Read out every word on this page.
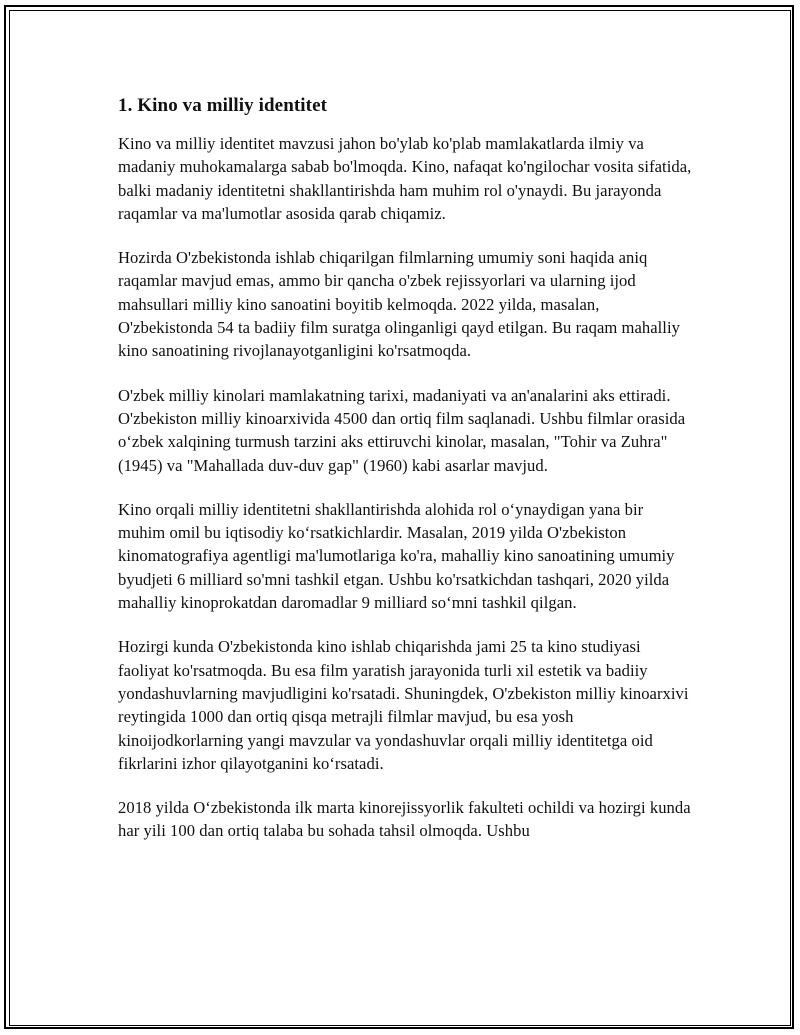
1. Kino va milliy identitet

Kino va milliy identitet mavzusi jahon bo'ylab ko'plab mamlakatlarda ilmiy va madaniy muhokamalarga sabab bo'lmoqda. Kino, nafaqat ko'ngilochar vosita sifatida, balki madaniy identitetni shakllantirishda ham muhim rol o'ynaydi. Bu jarayonda raqamlar va ma'lumotlar asosida qarab chiqamiz.

Hozirda O'zbekistonda ishlab chiqarilgan filmlarning umumiy soni haqida aniq raqamlar mavjud emas, ammo bir qancha o'zbek rejissyorlari va ularning ijod mahsullari milliy kino sanoatini boyitib kelmoqda. 2022 yilda, masalan, O'zbekistonda 54 ta badiiy film suratga olinganligi qayd etilgan. Bu raqam mahalliy kino sanoatining rivojlanayotganligini ko'rsatmoqda.

O'zbek milliy kinolari mamlakatning tarixi, madaniyati va an'analarini aks ettiradi. O'zbekiston milliy kinoarxivida 4500 dan ortiq film saqlanadi. Ushbu filmlar orasida o‘zbek xalqining turmush tarzini aks ettiruvchi kinolar, masalan, "Tohir va Zuhra" (1945) va "Mahallada duv-duv gap" (1960) kabi asarlar mavjud.

Kino orqali milliy identitetni shakllantirishda alohida rol o‘ynaydigan yana bir muhim omil bu iqtisodiy ko‘rsatkichlardir. Masalan, 2019 yilda O'zbekiston kinomatografiya agentligi ma'lumotlariga ko'ra, mahalliy kino sanoatining umumiy byudjeti 6 milliard so'mni tashkil etgan. Ushbu ko'rsatkichdan tashqari, 2020 yilda mahalliy kinoprokatdan daromadlar 9 milliard so‘mni tashkil qilgan.

Hozirgi kunda O'zbekistonda kino ishlab chiqarishda jami 25 ta kino studiyasi faoliyat ko'rsatmoqda. Bu esa film yaratish jarayonida turli xil estetik va badiiy yondashuvlarning mavjudligini ko'rsatadi. Shuningdek, O'zbekiston milliy kinoarxivi reytingida 1000 dan ortiq qisqa metrajli filmlar mavjud, bu esa yosh kinoijodkorlarning yangi mavzular va yondashuvlar orqali milliy identitetga oid fikrlarini izhor qilayotganini ko‘rsatadi.

2018 yilda O‘zbekistonda ilk marta kinorejissyorlik fakulteti ochildi va hozirgi kunda har yili 100 dan ortiq talaba bu sohada tahsil olmoqda. Ushbu
